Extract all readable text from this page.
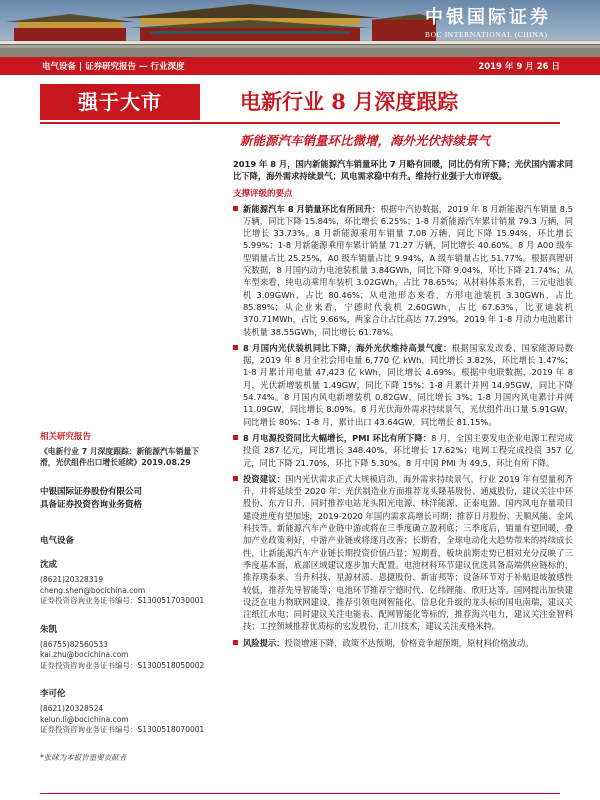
中银国际证券
BOC INTERNATIONAL (CHINA)
电气设备 | 证券研究报告 — 行业深度	2019 年 9 月 26 日
强于大市	电新行业 8 月深度跟踪
新能源汽车销量环比微增，海外光伏持续景气

2019 年 8 月，国内新能源汽车销量环比 7 月略有回暖，同比仍有所下降；光伏国内需求同比下降，海外需求持续景气；风电需求稳中有升。维持行业强于大市评级。

支撑评级的要点
新能源汽车 8 月销量环比有所回升：根据中汽协数据，2019 年 8 月新能源汽车销量 8.5 万辆，同比下降 15.84%，环比增长 6.25%；1-8 月新能源汽车累计销量 79.3 万辆，同比增长 33.73%。8 月新能源乘用车销量 7.08 万辆，同比下降 15.94%，环比增长 5.99%；1-8 月新能源乘用车累计销量 71.27 万辆，同比增长 40.60%。8 月 A00 级车型销量占比 25.25%，A0 级车销量占比 9.94%，A 级车销量占比 51.77%。根据真锂研究数据，8 月国内动力电池装机量 3.84GWh，同比下降 9.04%，环比下降 21.74%；从车型来看，纯电动乘用车装机 3.02GWh，占比 78.65%；从材料体系来看，三元电池装机 3.09GWh，占比 80.46%；从电池形态来看，方形电池装机 3.30GWh，占比 85.89%；从企业来看，宁德时代装机 2.60GWh，占比 67.63%，比亚迪装机 370.71MWh，占比 9.66%，两家合计占比高达 77.29%。2019 年 1-8 月动力电池累计装机量 38.55GWh，同比增长 61.78%。
8 月国内光伏装机同比下降，海外光伏维持高景气度：根据国家发改委、国家能源局数据，2019 年 8 月全社会用电量 6,770 亿 kWh，同比增长 3.82%，环比增长 1.47%；1-8 月累计用电量 47,423 亿 kWh，同比增长 4.69%。根据中电联数据，2019 年 8 月，光伏新增装机量 1.49GW，同比下降 15%；1-8 月累计并网 14.95GW，同比下降 54.74%。8 月国内风电新增装机 0.82GW，同比增长 3%；1-8 月国内风电累计并网 11.09GW，同比增长 8.09%。8 月光伏海外需求持续景气，光伏组件出口量 5.91GW，同比增长 80%；1-8 月，累计出口 43.64GW，同比增长 81.15%。
8 月电源投资同比大幅增长，PMI 环比有所下降：8 月，全国主要发电企业电源工程完成投资 287 亿元，同比增长 348.40%，环比增长 17.62%；电网工程完成投资 357 亿元，同比下降 21.70%，环比下降 5.30%。8 月中国 PMI 为 49.5，环比有所下降。
投资建议：国内光伏需求正式大规模启动，海外需求持续景气，行业 2019 年有望量利齐升，并将延续至 2020 年；光伏制造业方面推荐龙头隆基股份、通威股份，建议关注中环股份、东方日升，同时推荐电站龙头阳光电源、林洋能源、正泰电器。国内风电存量项目建设进度有望加速，2019-2020 年国内需求高增长可期；推荐日月股份、天顺风能、金风科技等。新能源汽车产业链中游或将在三季度确立盈利底；三季度后，销量有望回暖，叠加产业政策利好，中游产业链或将逐月改善；长期看，全球电动化大趋势带来的持续成长性，让新能源汽车产业链长期投资价值凸显；短期看，板块前期走势已相对充分反映了三季度基本面，底部区域建议逐步加大配置。电池材料环节建议优选具备高端供应链标的，推荐璞泰来、当升科技、星源材质、恩捷股份、新宙邦等；设备环节对于补贴退坡敏感性较低，推荐先导智能等；电池环节推荐宁德时代、亿纬锂能、欣旺达等。国网提出加快建设泛在电力物联网建设，推荐引领电网智能化、信息化升级的龙头标的国电南瑞，建议关注纸江水电；同时建议关注电能表、配网智能化等标的，推荐海兴电力，建议关注金智科技；工控领域推荐优质标的宏发股份、汇川技术，建议关注麦格米特。
风险提示：投资增速下降，政策不达预期，价格竞争超预期，原材料价格波动。
相关研究报告
《电新行业 7 月深度跟踪：新能源汽车销量下滑，光伏组件出口增长延续》2019.08.29
中银国际证券股份有限公司
具备证券投资咨询业务资格
电气设备
沈成
(8621)20328319
cheng.shen@bocichina.com
证券投资咨询业务证书编号：S1300517030001
朱凯
(86755)82560533
kai.zhu@bocichina.com
证券投资咨询业务证书编号：S1300518050002
李可伦
(8621)20328524
kelun.li@bocichina.com
证券投资咨询业务证书编号：S1300518070001
*张咪为本报告重要贡献者
